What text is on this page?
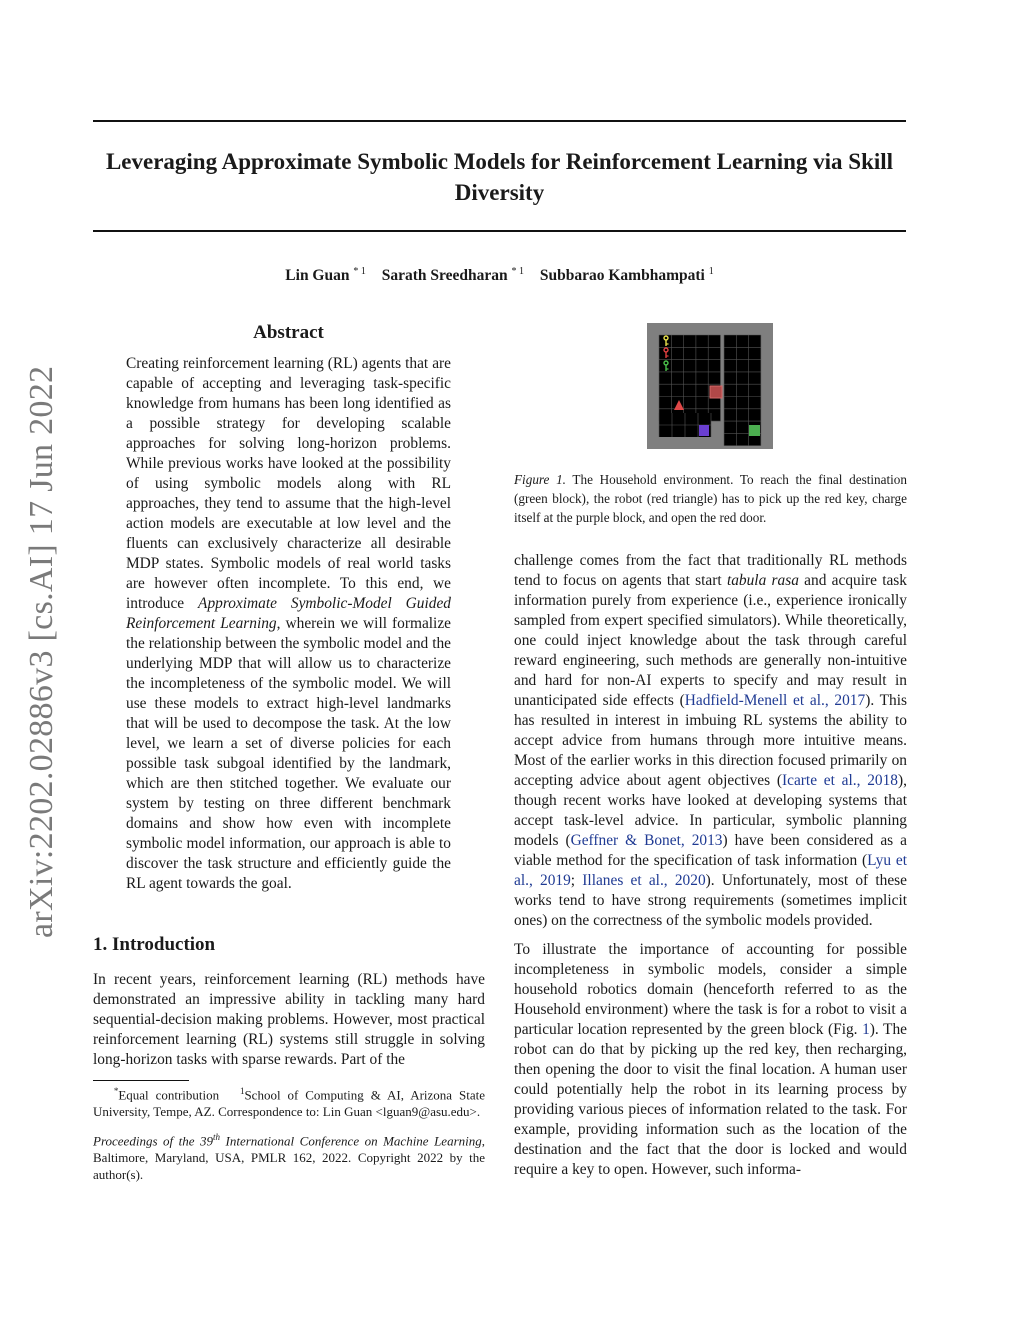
Leveraging Approximate Symbolic Models for Reinforcement Learning via Skill Diversity
Lin Guan $^{* 1}$ Sarath Sreedharan $^{* 1}$ Subbarao Kambhampati $^1$
arXiv:2202.02886v3 [cs.AI] 17 Jun 2022
Abstract
Creating reinforcement learning (RL) agents that are capable of accepting and leveraging task-specific knowledge from humans has been long identified as a possible strategy for developing scalable approaches for solving long-horizon problems. While previous works have looked at the possibility of using symbolic models along with RL approaches, they tend to assume that the high-level action models are executable at low level and the fluents can exclusively characterize all desirable MDP states. Symbolic models of real world tasks are however often incomplete. To this end, we introduce Approximate Symbolic-Model Guided Reinforcement Learning, wherein we will formalize the relationship between the symbolic model and the underlying MDP that will allow us to characterize the incompleteness of the symbolic model. We will use these models to extract high-level landmarks that will be used to decompose the task. At the low level, we learn a set of diverse policies for each possible task subgoal identified by the landmark, which are then stitched together. We evaluate our system by testing on three different benchmark domains and show how even with incomplete symbolic model information, our approach is able to discover the task structure and efficiently guide the RL agent towards the goal.
1. Introduction

In recent years, reinforcement learning (RL) methods have demonstrated an impressive ability in tackling many hard sequential-decision making problems. However, most practical reinforcement learning (RL) systems still struggle in solving long-horizon tasks with sparse rewards. Part of the

*Equal contribution $^1$School of Computing & AI, Arizona State University, Tempe, AZ. Correspondence to: Lin Guan <lguan9@asu.edu>.

Proceedings of the 39th International Conference on Machine Learning, Baltimore, Maryland, USA, PMLR 162, 2022. Copyright 2022 by the author(s).

Figure 1. The Household environment. To reach the final destination (green block), the robot (red triangle) has to pick up the red key, charge itself at the purple block, and open the red door.

challenge comes from the fact that traditionally RL methods tend to focus on agents that start tabula rasa and acquire task information purely from experience (i.e., experience ironically sampled from expert specified simulators). While theoretically, one could inject knowledge about the task through careful reward engineering, such methods are generally non-intuitive and hard for non-AI experts to specify and may result in unanticipated side effects (Hadfield-Menell et al., 2017). This has resulted in interest in imbuing RL systems the ability to accept advice from humans through more intuitive means. Most of the earlier works in this direction focused primarily on accepting advice about agent objectives (Icarte et al., 2018), though recent works have looked at developing systems that accept task-level advice. In particular, symbolic planning models (Geffner & Bonet, 2013) have been considered as a viable method for the specification of task information (Lyu et al., 2019; Illanes et al., 2020). Unfortunately, most of these works tend to have strong requirements (sometimes implicit ones) on the correctness of the symbolic models provided.

To illustrate the importance of accounting for possible incompleteness in symbolic models, consider a simple household robotics domain (henceforth referred to as the Household environment) where the task is for a robot to visit a particular location represented by the green block (Fig. 1). The robot can do that by picking up the red key, then recharging, then opening the door to visit the final location. A human user could potentially help the robot in its learning process by providing various pieces of information related to the task. For example, providing information such as the location of the destination and the fact that the door is locked and would require a key to open. However, such informa-
